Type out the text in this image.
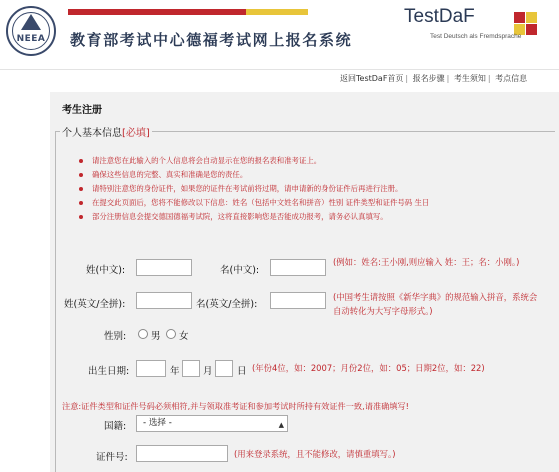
NEEA	教育部考试中心德福考试网上报名系统
TestDaF
Test Deutsch als Fremdsprache
返回TestDaF首页 | 报名步骤 | 考生须知 | 考点信息
考生注册
个人基本信息[必填]
请注意您在此输入的个人信息将会自动显示在您的报名表和准考证上。
确保这些信息的完整、真实和准确是您的责任。
请特别注意您的身份证件，如果您的证件在考试前将过期，请申请新的身份证件后再进行注册。
在提交此页面后，您将不能修改以下信息：姓名（包括中文姓名和拼音）性别 证件类型和证件号码 生日
部分注册信息会提交德国德福考试院，这将直接影响您是否能成功报考，请务必认真填写。
姓(中文):	名(中文):
(例如：姓名:王小刚,则应输入 姓：王；名：小刚。)
姓(英文/全拼):	名(英文/全拼):
(中国考生请按照《新华字典》的规范输入拼音，系统会自动转化为大写字母形式。)
性别:	男 女
出生日期:	年 月	日 (年份4位，如：2007；月份2位，如：05；日期2位，如：22)
注意:证件类型和证件号码必须相符,并与领取准考证和参加考试时所持有效证件一致,请准确填写!
国籍:	- 选择 -	▲

证件号:	(用来登录系统，且不能修改，请慎重填写。)
